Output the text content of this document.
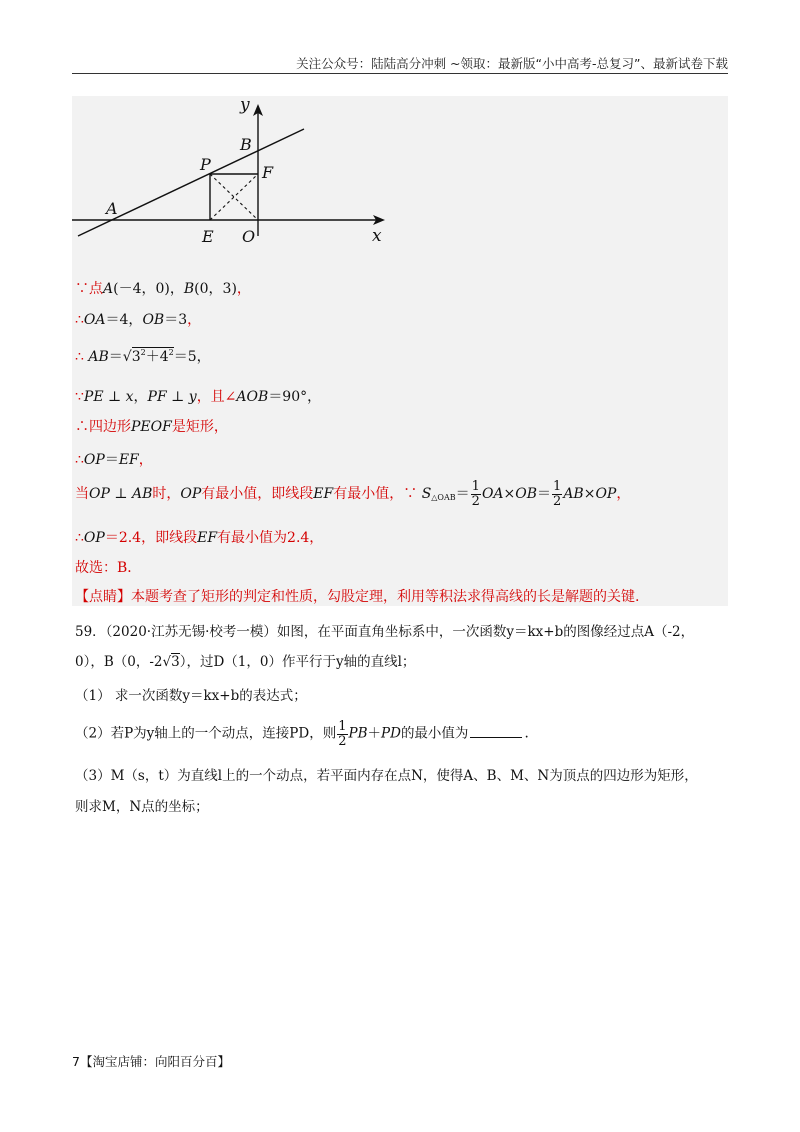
关注公众号：陆陆高分冲刺 ~领取：最新版“小中高考-总复习”、最新试卷下载
y
x
B
P	F
A
E O
∵点A(－4，0)，B(0，3)，
∴OA＝4，OB＝3，
∴ $AB=√3^2+4^2=5$，
∵PE ⊥ x，PF ⊥ y，且∠AOB＝90°，
∴四边形PEOF是矩形，
∴OP＝EF，
当OP ⊥ AB时，OP有最小值，即线段EF有最小值，∵ $S_{\triangle OAB}= \frac{1}{2} OA\times OB= \frac{1}{2} AB\times OP$，
∴OP＝2.4，即线段EF有最小值为2.4，
故选：B．
【点睛】本题考查了矩形的判定和性质，勾股定理，利用等积法求得高线的长是解题的关键.
59．（2020·江苏无锡·校考一模）如图，在平面直角坐标系中，一次函数y＝kx+b的图像经过点A（-2，
0），B（0，-2√3），过D（1，0）作平行于y轴的直线l；
（1） 求一次函数y＝kx+b的表达式；
（2）若P为y轴上的一个动点，连接PD，则 $\frac{1}{2} PB+PD$的最小值为	.
（3）M（s，t）为直线l上的一个动点，若平面内存在点N，使得A、B、M、N为顶点的四边形为矩形，
则求M，N点的坐标；
7【淘宝店铺：向阳百分百】
